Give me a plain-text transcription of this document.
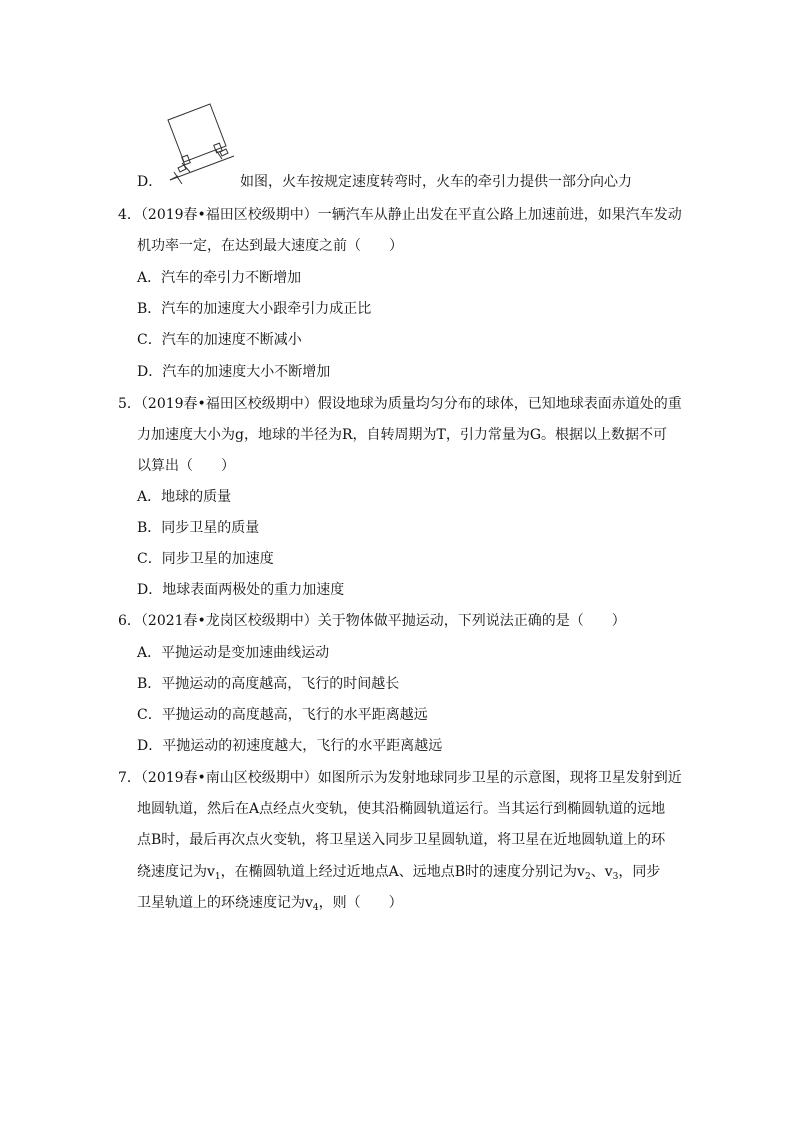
D．	如图，火车按规定速度转弯时，火车的牵引力提供一部分向心力
4．（2019春•福田区校级期中）一辆汽车从静止出发在平直公路上加速前进，如果汽车发动
机功率一定，在达到最大速度之前（　　）
A．汽车的牵引力不断增加
B．汽车的加速度大小跟牵引力成正比
C．汽车的加速度不断减小
D．汽车的加速度大小不断增加
5．（2019春•福田区校级期中）假设地球为质量均匀分布的球体，已知地球表面赤道处的重
力加速度大小为g，地球的半径为R，自转周期为T，引力常量为G。根据以上数据不可
以算出（　　）
A．地球的质量
B．同步卫星的质量
C．同步卫星的加速度
D．地球表面两极处的重力加速度
6．（2021春•龙岗区校级期中）关于物体做平抛运动，下列说法正确的是（　　）
A．平抛运动是变加速曲线运动
B．平抛运动的高度越高，飞行的时间越长
C．平抛运动的高度越高，飞行的水平距离越远
D．平抛运动的初速度越大，飞行的水平距离越远
7．（2019春•南山区校级期中）如图所示为发射地球同步卫星的示意图，现将卫星发射到近
地圆轨道，然后在A点经点火变轨，使其沿椭圆轨道运行。当其运行到椭圆轨道的远地
点B时，最后再次点火变轨，将卫星送入同步卫星圆轨道，将卫星在近地圆轨道上的环
绕速度记为$v_1$，在椭圆轨道上经过近地点A、远地点B时的速度分别记为$v_2$、$v_3$，同步
卫星轨道上的环绕速度记为$v_4$，则（　　）
